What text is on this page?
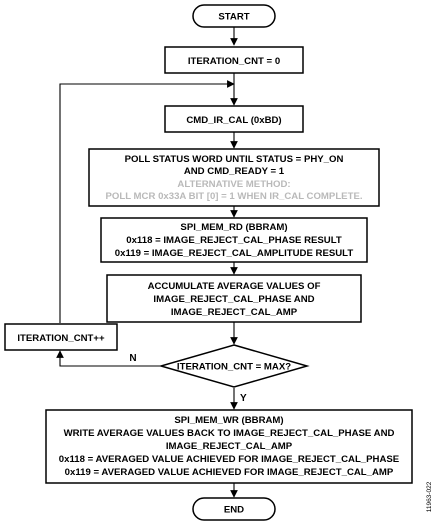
START
ITERATION_CNT = 0
CMD_IR_CAL (0xBD)
POLL STATUS WORD UNTIL STATUS = PHY_ON
AND CMD_READY = 1
ALTERNATIVE METHOD:
POLL MCR 0x33A BIT [0] = 1 WHEN IR_CAL COMPLETE.
SPI_MEM_RD (BBRAM)
0x118 = IMAGE_REJECT_CAL_PHASE RESULT
0x119 = IMAGE_REJECT_CAL_AMPLITUDE RESULT
ACCUMULATE AVERAGE VALUES OF
IMAGE_REJECT_CAL_PHASE AND
IMAGE_REJECT_CAL_AMP
ITERATION_CNT++
ITERATION_CNT = MAX?
N
Y
SPI_MEM_WR (BBRAM)
WRITE AVERAGE VALUES BACK TO IMAGE_REJECT_CAL_PHASE AND
IMAGE_REJECT_CAL_AMP
0x118 = AVERAGED VALUE ACHIEVED FOR IMAGE_REJECT_CAL_PHASE
0x119 = AVERAGED VALUE ACHIEVED FOR IMAGE_REJECT_CAL_AMP
END	11963-022
